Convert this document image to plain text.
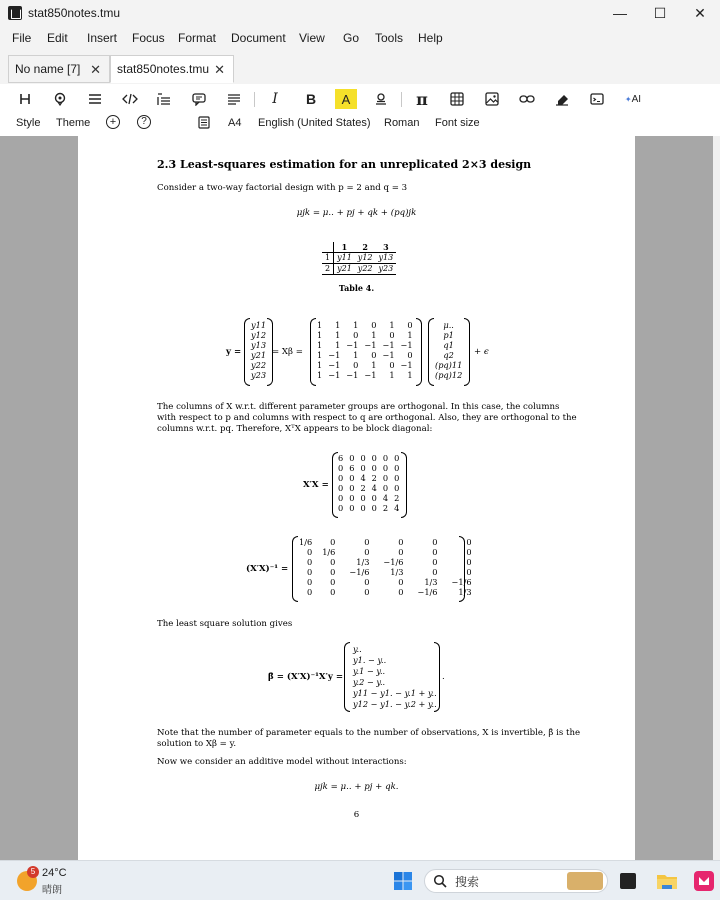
stat850notes.tmu	—	☐	✕
File Edit Insert Focus Format Document View Go Tools Help
No name [7] ✕ stat850notes.tmu ✕
I	B	A	π	✦ AI
Style Theme	+	?	A4 English (United States) Roman Font size
2.3 Least-squares estimation for an unreplicated 2×3 design
Consider a two-way factorial design with p = 2 and q = 3
μjk = μ.. + pj + qk + (pq)jk
	1	2	3
1	y11	y12	y13
2	y21	y22	y23
Table 4.
y =
y11
y12
y13
y21
y22
y23
= Xβ =
1	1	1	0	1	0
1	1	0	1	0	1
1	1	−1	−1	−1	−1
1	−1	1	0	−1	0
1	−1	0	1	0	−1
1	−1	−1	−1	1	1
μ..
p1
q1
q2
(pq)11
(pq)12
+ ϵ
The columns of X w.r.t. different parameter groups are orthogonal. In this case, the columns
with respect to p and columns with respect to q are orthogonal. Also, they are orthogonal to the
columns w.r.t. pq. Therefore, XᵀX appears to be block diagonal:
X′X =
6	0	0	0	0	0
0	6	0	0	0	0
0	0	4	2	0	0
0	0	2	4	0	0
0	0	0	0	4	2
0	0	0	0	2	4
(X′X)⁻¹ =
1/6	0	0	0	0	0
0	1/6	0	0	0	0
0	0	1/3	−1/6	0	0
0	0	−1/6	1/3	0	0
0	0	0	0	1/3	−1/6
0	0	0	0	−1/6	1/3
The least square solution gives
β̂ = (X′X)⁻¹X′y =
y..
y1. − y..
y.1 − y..
y.2 − y..
y11 − y1. − y.1 + y..
y12 − y1. − y.2 + y..
.
Note that the number of parameter equals to the number of observations, X is invertible, β̂ is the
solution to Xβ = y.
Now we consider an additive model without interactions:
μjk = μ.. + pj + qk.
6
5 24°C
晴朗
搜索
